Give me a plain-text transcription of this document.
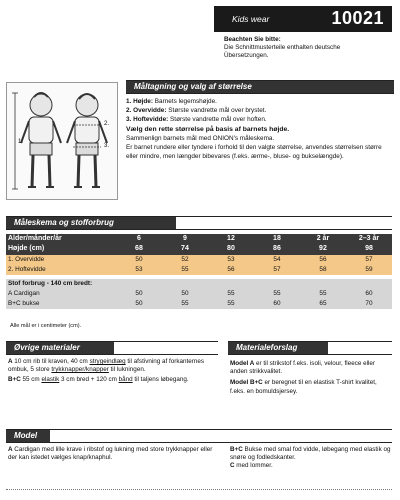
Kids wear	10021
Beachten Sie bitte:
Die Schnittmusterteile enthalten deutsche
Übersetzungen.
Måltagning og valg af størrelse
1.
2.
3.

1. Højde: Barnets legemshøjde.

2. Overvidde: Største vandrette mål over brystet.

3. Hoftevidde: Største vandrette mål over hoften.

Vælg den rette størrelse på basis af barnets højde.

Sammenlign barnets mål med ONION's måleskema.

Er barnet rundere eller tyndere i forhold til den valgte størrelse, anvendes størrelsen større eller mindre, men længder bibevares (f.eks. ærme-, bluse- og bukselængde).

Måleskema og stofforbrug
Alder/månder/år	6	9	12	18	2 år	2–3 år
Højde (cm)	68	74	80	86	92	98
1. Overvidde	50	52	53	54	56	57
2. Hoftevidde	53	55	56	57	58	59

Stof forbrug - 140 cm bredt:						
A Cardigan	50	50	55	55	55	60
B+C bukse	50	55	55	60	65	70
Alle mål er i centimeter (cm).
Øvrige materialer

A 10 cm rib til kraven, 40 cm strygeindlæg til afstivning af forkanternes ombuk, 5 store trykknapper/knapper til lukningen.

B+C 55 cm elastik 3 cm bred + 120 cm bånd til taljens løbegang.

Materialeforslag

Model A er til strikstof f.eks. isoli, velour, fleece eller anden strikkvalitet.

Model B+C er beregnet til en elastisk T-shirt kvalitet, f.eks. en bomuldsjersey.

Model
A Cardigan med lille krave i ribstof og lukning med store trykknapper eller der kan istedet vælges knap/knaphul.

B+C Bukse med smal fod vidde, løbegang med elastik og snøre og fodledskanter.

C med lommer.
